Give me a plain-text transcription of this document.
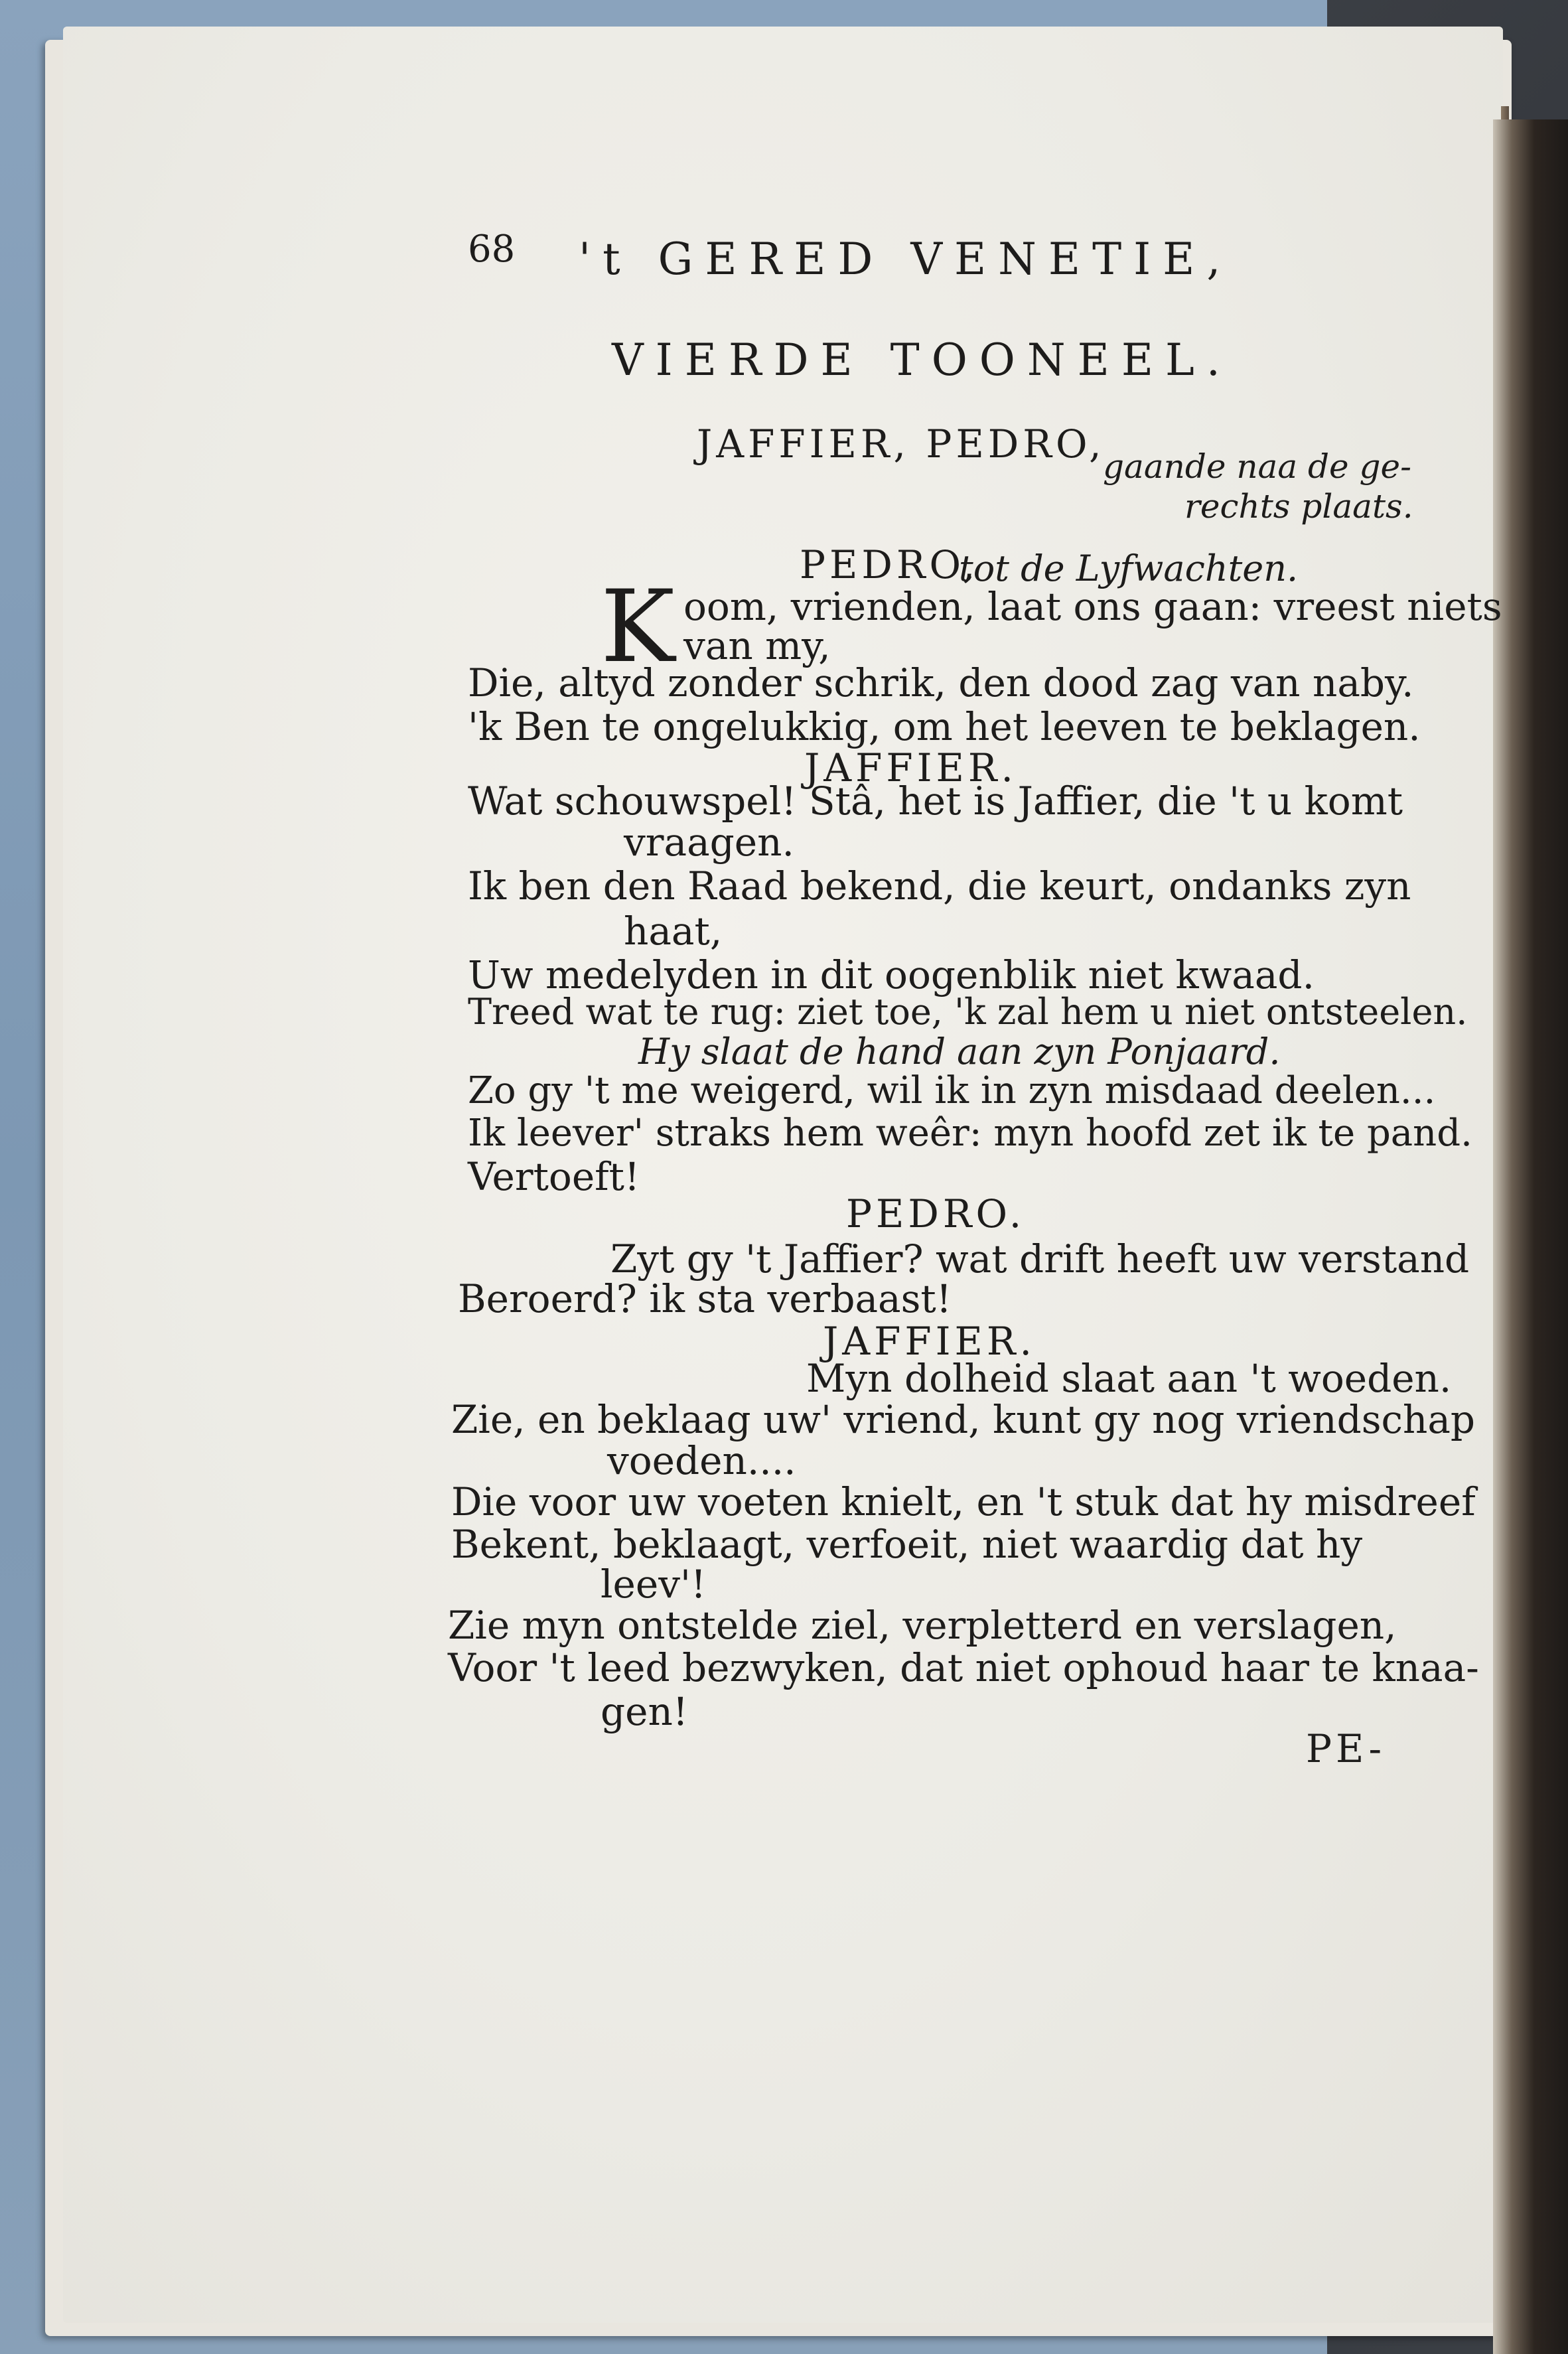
68 't GERED VENETIE,
VIERDE TOONEEL.
JAFFIER, PEDRO,
gaande naa de ge-
rechts plaats.
PEDRO,
tot de Lyfwachten.
K oom, vrienden, laat ons gaan: vreest niets
van my,
Die, altyd zonder schrik, den dood zag van naby.
'k Ben te ongelukkig, om het leeven te beklagen.
JAFFIER.
Wat schouwspel! Stâ, het is Jaffier, die 't u komt
vraagen.
Ik ben den Raad bekend, die keurt, ondanks zyn
haat,
Uw medelyden in dit oogenblik niet kwaad.
Treed wat te rug: ziet toe, 'k zal hem u niet ontsteelen.
Hy slaat de hand aan zyn Ponjaard.
Zo gy 't me weigerd, wil ik in zyn misdaad deelen...
Ik leever' straks hem weêr: myn hoofd zet ik te pand.
Vertoeft!
PEDRO.
Zyt gy 't Jaffier? wat drift heeft uw verstand
Beroerd? ik sta verbaast!
JAFFIER.
Myn dolheid slaat aan 't woeden.
Zie, en beklaag uw' vriend, kunt gy nog vriendschap
voeden....
Die voor uw voeten knielt, en 't stuk dat hy misdreef
Bekent, beklaagt, verfoeit, niet waardig dat hy
leev'!
Zie myn ontstelde ziel, verpletterd en verslagen,
Voor 't leed bezwyken, dat niet ophoud haar te knaa-
gen!
PE-
